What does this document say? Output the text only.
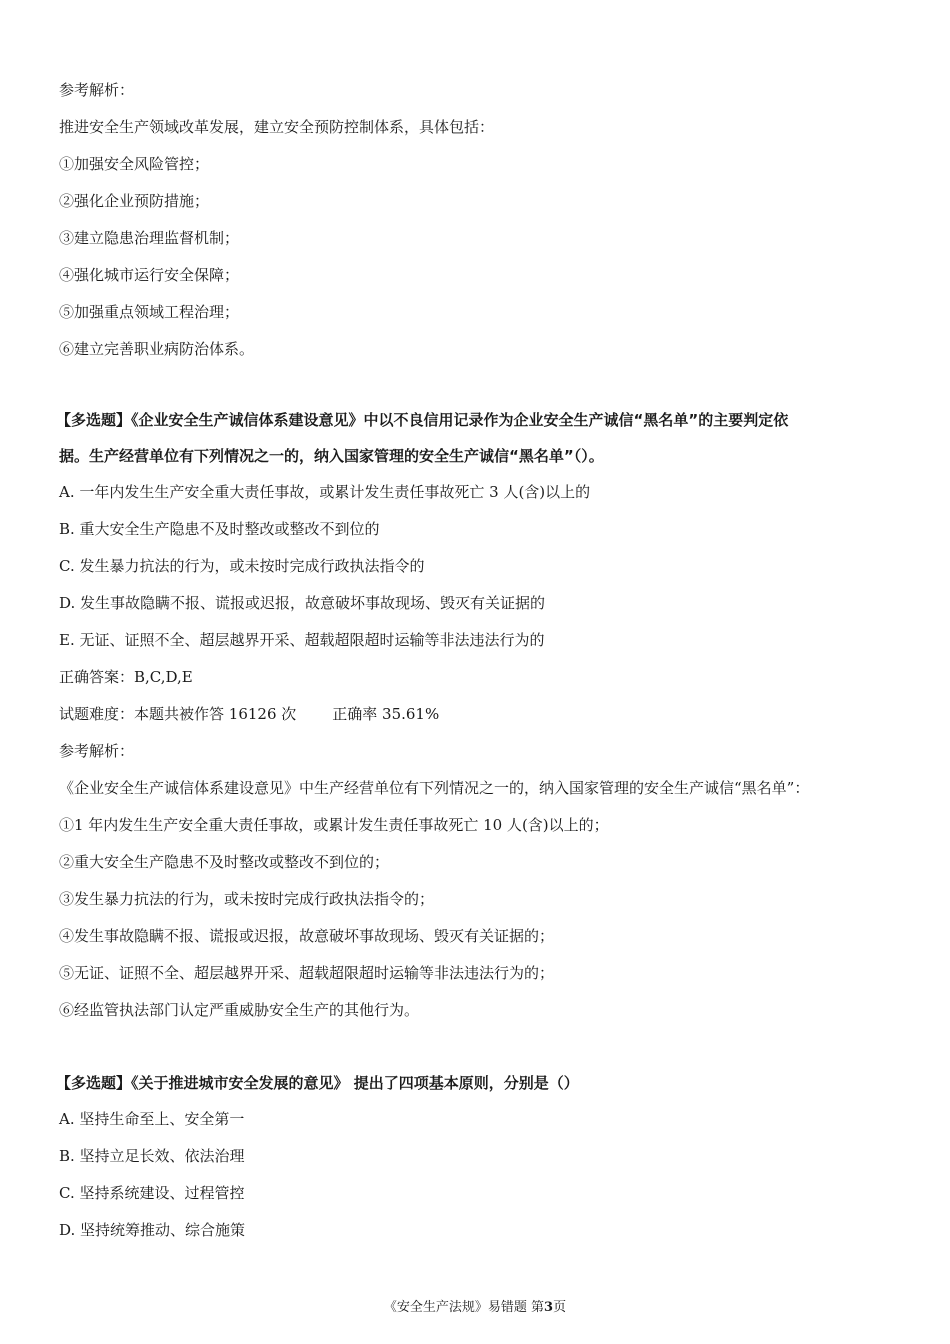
参考解析：
推进安全生产领域改革发展，建立安全预防控制体系，具体包括：
①加强安全风险管控；
②强化企业预防措施；
③建立隐患治理监督机制；
④强化城市运行安全保障；
⑤加强重点领域工程治理；
⑥建立完善职业病防治体系。
【多选题】《企业安全生产诚信体系建设意见》中以不良信用记录作为企业安全生产诚信“黑名单”的主要判定依
据。生产经营单位有下列情况之一的，纳入国家管理的安全生产诚信“黑名单”（）。
A. 一年内发生生产安全重大责任事故，或累计发生责任事故死亡 3 人(含)以上的
B. 重大安全生产隐患不及时整改或整改不到位的
C. 发生暴力抗法的行为，或未按时完成行政执法指令的
D. 发生事故隐瞒不报、谎报或迟报，故意破坏事故现场、毁灭有关证据的
E. 无证、证照不全、超层越界开采、超载超限超时运输等非法违法行为的
正确答案：B,C,D,E
试题难度：本题共被作答 16126 次 正确率 35.61%
参考解析：
《企业安全生产诚信体系建设意见》中生产经营单位有下列情况之一的，纳入国家管理的安全生产诚信“黑名单”：
①1 年内发生生产安全重大责任事故，或累计发生责任事故死亡 10 人(含)以上的；
②重大安全生产隐患不及时整改或整改不到位的；
③发生暴力抗法的行为，或未按时完成行政执法指令的；
④发生事故隐瞒不报、谎报或迟报，故意破坏事故现场、毁灭有关证据的；
⑤无证、证照不全、超层越界开采、超载超限超时运输等非法违法行为的；
⑥经监管执法部门认定严重威胁安全生产的其他行为。
【多选题】《关于推进城市安全发展的意见》 提出了四项基本原则，分别是（）
A. 坚持生命至上、安全第一
B. 坚持立足长效、依法治理
C. 坚持系统建设、过程管控
D. 坚持统筹推动、综合施策
《安全生产法规》易错题 第3页
